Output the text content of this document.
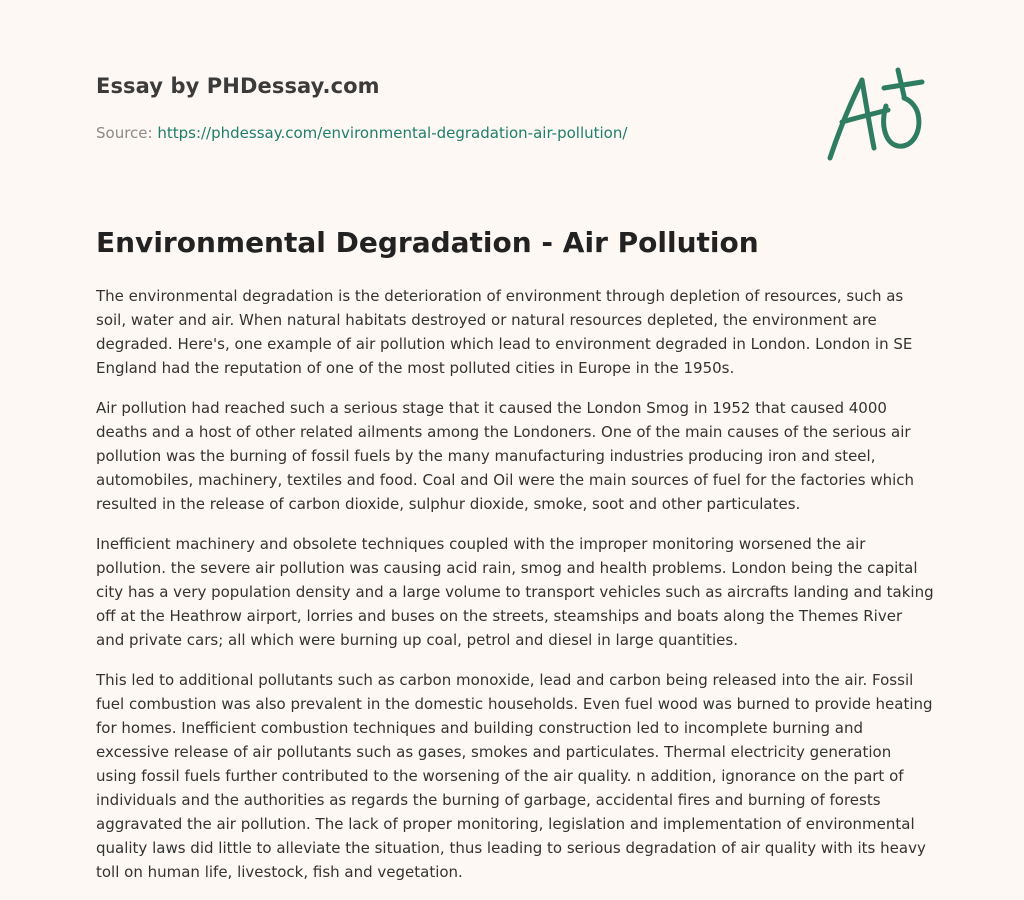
Essay by PHDessay.com
Source: https://phdessay.com/environmental-degradation-air-pollution/
Environmental Degradation - Air Pollution

The environmental degradation is the deterioration of environment through depletion of resources, such as soil, water and air. When natural habitats destroyed or natural resources depleted, the environment are degraded. Here's, one example of air pollution which lead to environment degraded in London. London in SE England had the reputation of one of the most polluted cities in Europe in the 1950s.

Air pollution had reached such a serious stage that it caused the London Smog in 1952 that caused 4000 deaths and a host of other related ailments among the Londoners. One of the main causes of the serious air pollution was the burning of fossil fuels by the many manufacturing industries producing iron and steel, automobiles, machinery, textiles and food. Coal and Oil were the main sources of fuel for the factories which resulted in the release of carbon dioxide, sulphur dioxide, smoke, soot and other particulates.

Inefficient machinery and obsolete techniques coupled with the improper monitoring worsened the air pollution. the severe air pollution was causing acid rain, smog and health problems. London being the capital city has a very population density and a large volume to transport vehicles such as aircrafts landing and taking off at the Heathrow airport, lorries and buses on the streets, steamships and boats along the Themes River and private cars; all which were burning up coal, petrol and diesel in large quantities.

This led to additional pollutants such as carbon monoxide, lead and carbon being released into the air. Fossil fuel combustion was also prevalent in the domestic households. Even fuel wood was burned to provide heating for homes. Inefficient combustion techniques and building construction led to incomplete burning and excessive release of air pollutants such as gases, smokes and particulates. Thermal electricity generation using fossil fuels further contributed to the worsening of the air quality. n addition, ignorance on the part of individuals and the authorities as regards the burning of garbage, accidental fires and burning of forests aggravated the air pollution. The lack of proper monitoring, legislation and implementation of environmental quality laws did little to alleviate the situation, thus leading to serious degradation of air quality with its heavy toll on human life, livestock, fish and vegetation.
